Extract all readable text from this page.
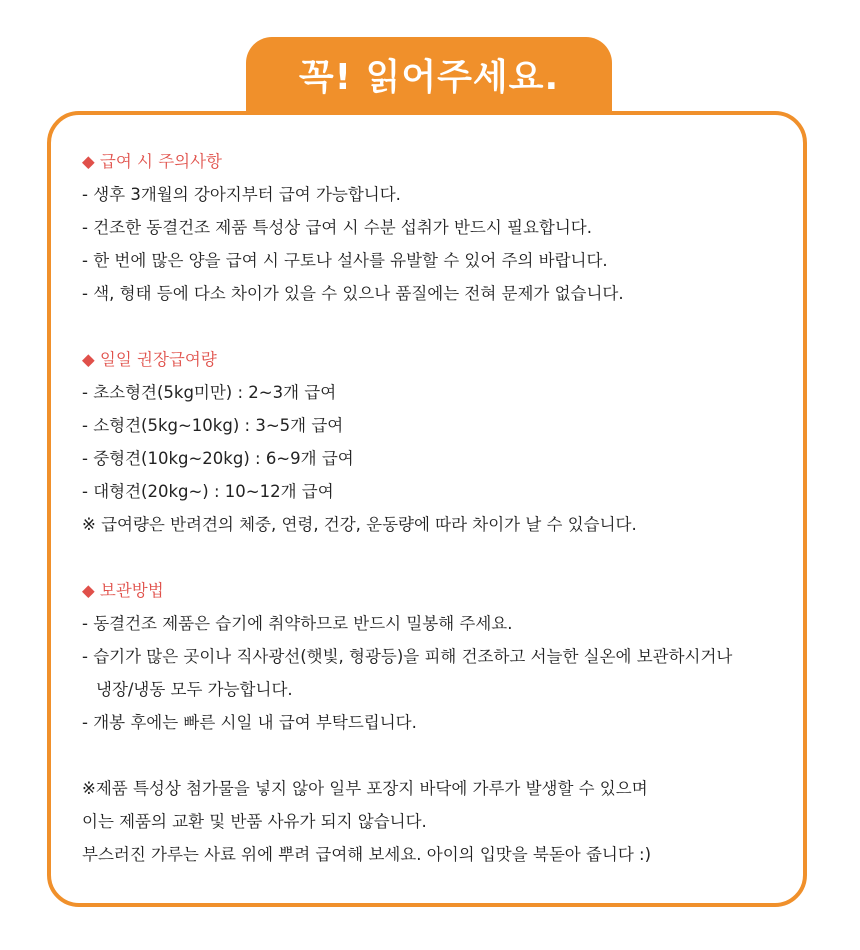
꼭! 읽어주세요.
◆ 급여 시 주의사항
- 생후 3개월의 강아지부터 급여 가능합니다.
- 건조한 동결건조 제품 특성상 급여 시 수분 섭취가 반드시 필요합니다.
- 한 번에 많은 양을 급여 시 구토나 설사를 유발할 수 있어 주의 바랍니다.
- 색, 형태 등에 다소 차이가 있을 수 있으나 품질에는 전혀 문제가 없습니다.
◆ 일일 권장급여량
- 초소형견(5kg미만) : 2~3개 급여
- 소형견(5kg~10kg) : 3~5개 급여
- 중형견(10kg~20kg) : 6~9개 급여
- 대형견(20kg~) : 10~12개 급여
※ 급여량은 반려견의 체중, 연령, 건강, 운동량에 따라 차이가 날 수 있습니다.
◆ 보관방법
- 동결건조 제품은 습기에 취약하므로 반드시 밀봉해 주세요.
- 습기가 많은 곳이나 직사광선(햇빛, 형광등)을 피해 건조하고 서늘한 실온에 보관하시거나
냉장/냉동 모두 가능합니다.
- 개봉 후에는 빠른 시일 내 급여 부탁드립니다.
※제품 특성상 첨가물을 넣지 않아 일부 포장지 바닥에 가루가 발생할 수 있으며
이는 제품의 교환 및 반품 사유가 되지 않습니다.
부스러진 가루는 사료 위에 뿌려 급여해 보세요. 아이의 입맛을 북돋아 줍니다 :)
